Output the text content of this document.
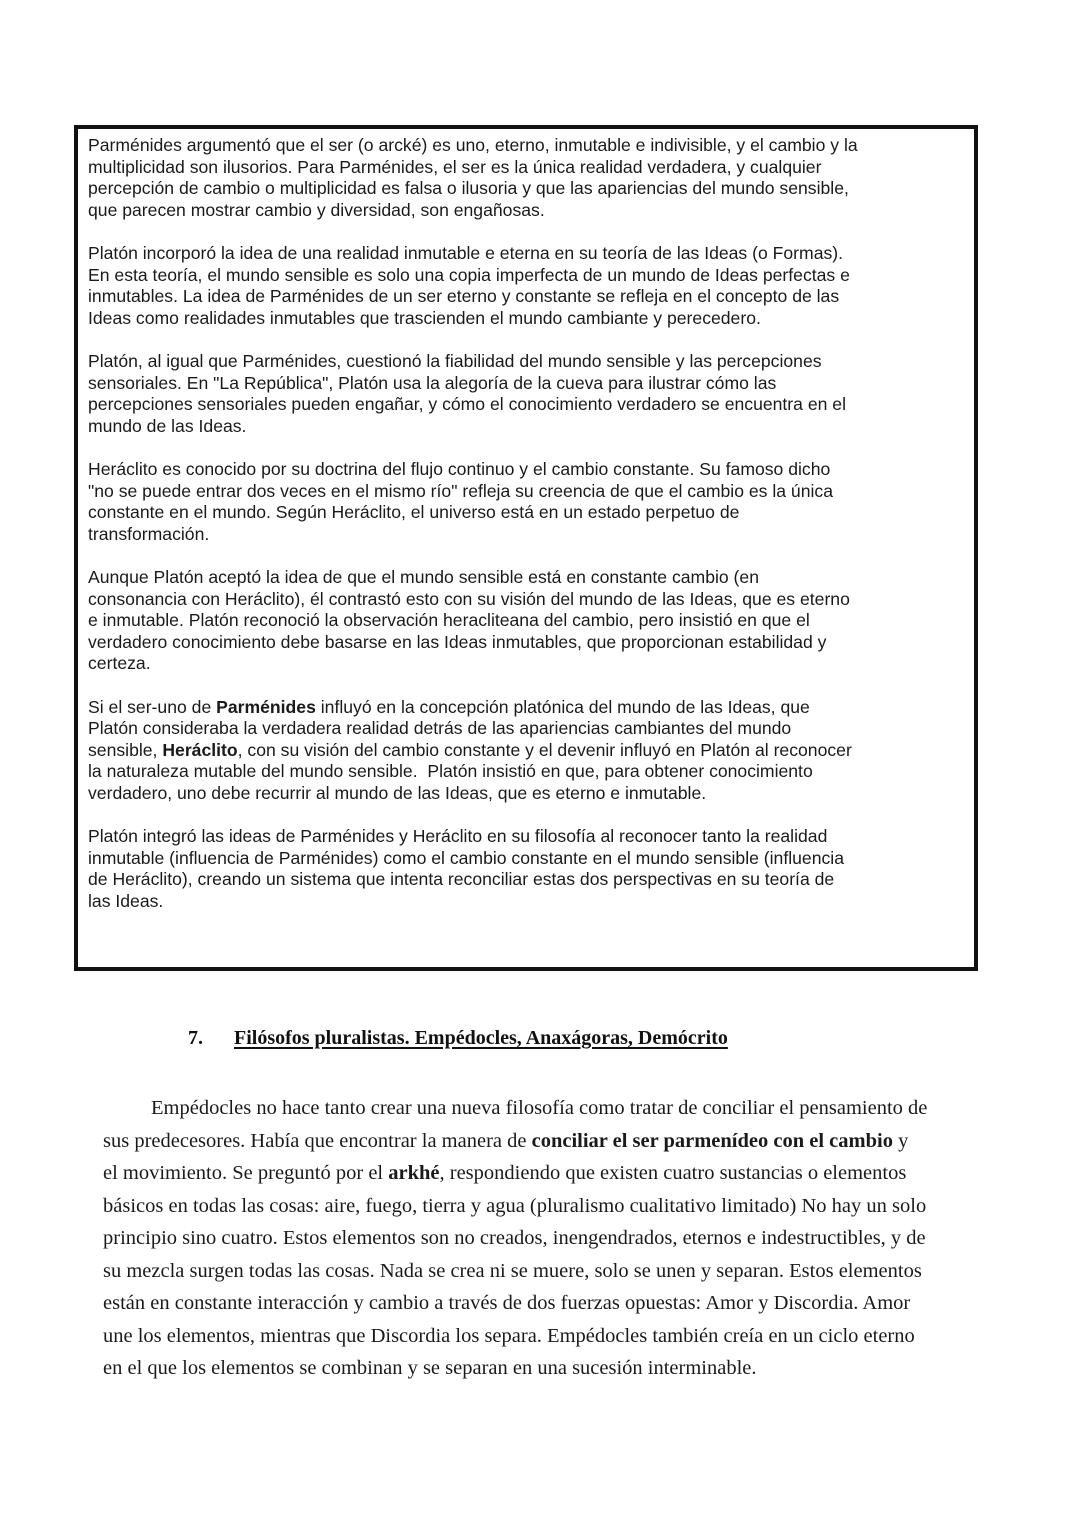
Parménides argumentó que el ser (o arcké) es uno, eterno, inmutable e indivisible, y el cambio y la
multiplicidad son ilusorios. Para Parménides, el ser es la única realidad verdadera, y cualquier
percepción de cambio o multiplicidad es falsa o ilusoria y que las apariencias del mundo sensible,
que parecen mostrar cambio y diversidad, son engañosas.
Platón incorporó la idea de una realidad inmutable e eterna en su teoría de las Ideas (o Formas).
En esta teoría, el mundo sensible es solo una copia imperfecta de un mundo de Ideas perfectas e
inmutables. La idea de Parménides de un ser eterno y constante se refleja en el concepto de las
Ideas como realidades inmutables que trascienden el mundo cambiante y perecedero.
Platón, al igual que Parménides, cuestionó la fiabilidad del mundo sensible y las percepciones
sensoriales. En "La República", Platón usa la alegoría de la cueva para ilustrar cómo las
percepciones sensoriales pueden engañar, y cómo el conocimiento verdadero se encuentra en el
mundo de las Ideas.
Heráclito es conocido por su doctrina del flujo continuo y el cambio constante. Su famoso dicho
"no se puede entrar dos veces en el mismo río" refleja su creencia de que el cambio es la única
constante en el mundo. Según Heráclito, el universo está en un estado perpetuo de
transformación.
Aunque Platón aceptó la idea de que el mundo sensible está en constante cambio (en
consonancia con Heráclito), él contrastó esto con su visión del mundo de las Ideas, que es eterno
e inmutable. Platón reconoció la observación heracliteana del cambio, pero insistió en que el
verdadero conocimiento debe basarse en las Ideas inmutables, que proporcionan estabilidad y
certeza.
Si el ser-uno de Parménides influyó en la concepción platónica del mundo de las Ideas, que
Platón consideraba la verdadera realidad detrás de las apariencias cambiantes del mundo
sensible, Heráclito, con su visión del cambio constante y el devenir influyó en Platón al reconocer
la naturaleza mutable del mundo sensible.  Platón insistió en que, para obtener conocimiento
verdadero, uno debe recurrir al mundo de las Ideas, que es eterno e inmutable.
Platón integró las ideas de Parménides y Heráclito en su filosofía al reconocer tanto la realidad
inmutable (influencia de Parménides) como el cambio constante en el mundo sensible (influencia
de Heráclito), creando un sistema que intenta reconciliar estas dos perspectivas en su teoría de
las Ideas.
7. Filósofos pluralistas. Empédocles, Anaxágoras, Demócrito
Empédocles no hace tanto crear una nueva filosofía como tratar de conciliar el pensamiento de
sus predecesores. Había que encontrar la manera de conciliar el ser parmenídeo con el cambio y
el movimiento. Se preguntó por el arkhé, respondiendo que existen cuatro sustancias o elementos
básicos en todas las cosas: aire, fuego, tierra y agua (pluralismo cualitativo limitado) No hay un solo
principio sino cuatro. Estos elementos son no creados, inengendrados, eternos e indestructibles, y de
su mezcla surgen todas las cosas. Nada se crea ni se muere, solo se unen y separan. Estos elementos
están en constante interacción y cambio a través de dos fuerzas opuestas: Amor y Discordia. Amor
une los elementos, mientras que Discordia los separa. Empédocles también creía en un ciclo eterno
en el que los elementos se combinan y se separan en una sucesión interminable.
